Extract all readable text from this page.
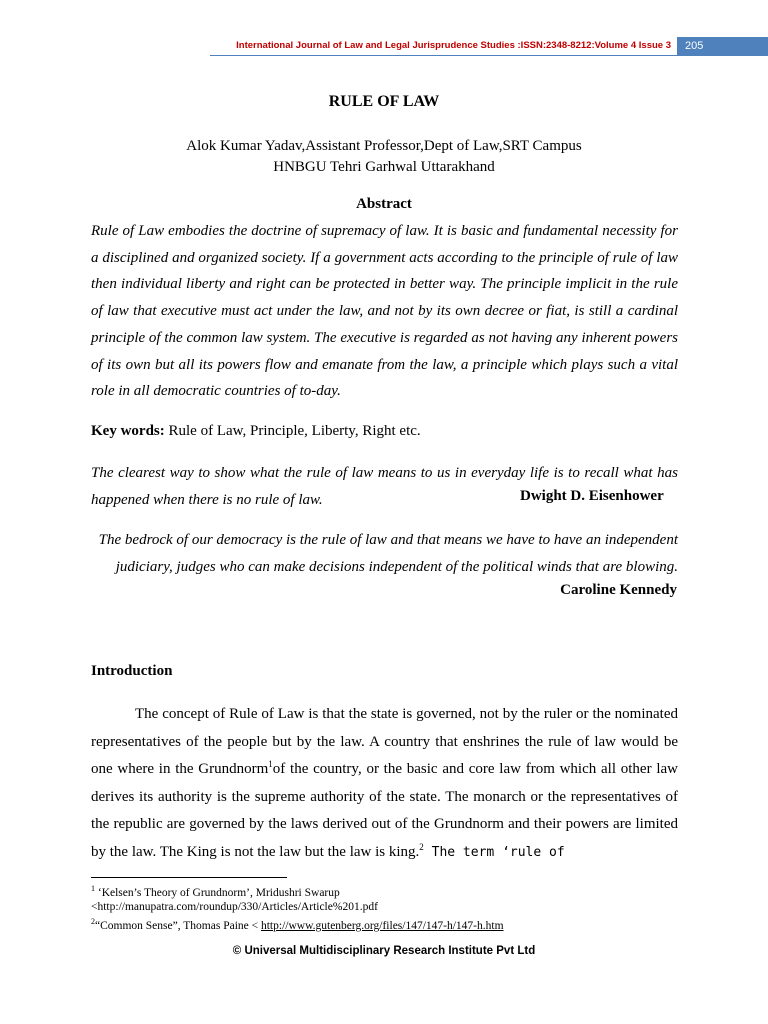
International Journal of Law and Legal Jurisprudence Studies :ISSN:2348-8212:Volume 4 Issue 3	205
RULE OF LAW
Alok Kumar Yadav,Assistant Professor,Dept of Law,SRT Campus
HNBGU Tehri Garhwal Uttarakhand
Abstract

Rule of Law embodies the doctrine of supremacy of law. It is basic and fundamental necessity for a disciplined and organized society. If a government acts according to the principle of rule of law then individual liberty and right can be protected in better way. The principle implicit in the rule of law that executive must act under the law, and not by its own decree or fiat, is still a cardinal principle of the common law system. The executive is regarded as not having any inherent powers of its own but all its powers flow and emanate from the law, a principle which plays such a vital role in all democratic countries of to-day.

Key words: Rule of Law, Principle, Liberty, Right etc.

The clearest way to show what the rule of law means to us in everyday life is to recall what has happened when there is no rule of law.	Dwight D. Eisenhower

The bedrock of our democracy is the rule of law and that means we have to have an independent judiciary, judges who can make decisions independent of the political winds that are blowing.

Caroline Kennedy
Introduction

The concept of Rule of Law is that the state is governed, not by the ruler or the nominated representatives of the people but by the law. A country that enshrines the rule of law would be one where in the Grundnorm$^1$of the country, or the basic and core law from which all other law derives its authority is the supreme authority of the state. The monarch or the representatives of the republic are governed by the laws derived out of the Grundnorm and their powers are limited by the law. The King is not the law but the law is king.$^2$ The term ‘rule of

$^1$ ‘Kelsen’s Theory of Grundnorm’, Mridushri Swarup
<http://manupatra.com/roundup/330/Articles/Article%201.pdf
$^2$“Common Sense”, Thomas Paine < http://www.gutenberg.org/files/147/147-h/147-h.htm
© Universal Multidisciplinary Research Institute Pvt Ltd
